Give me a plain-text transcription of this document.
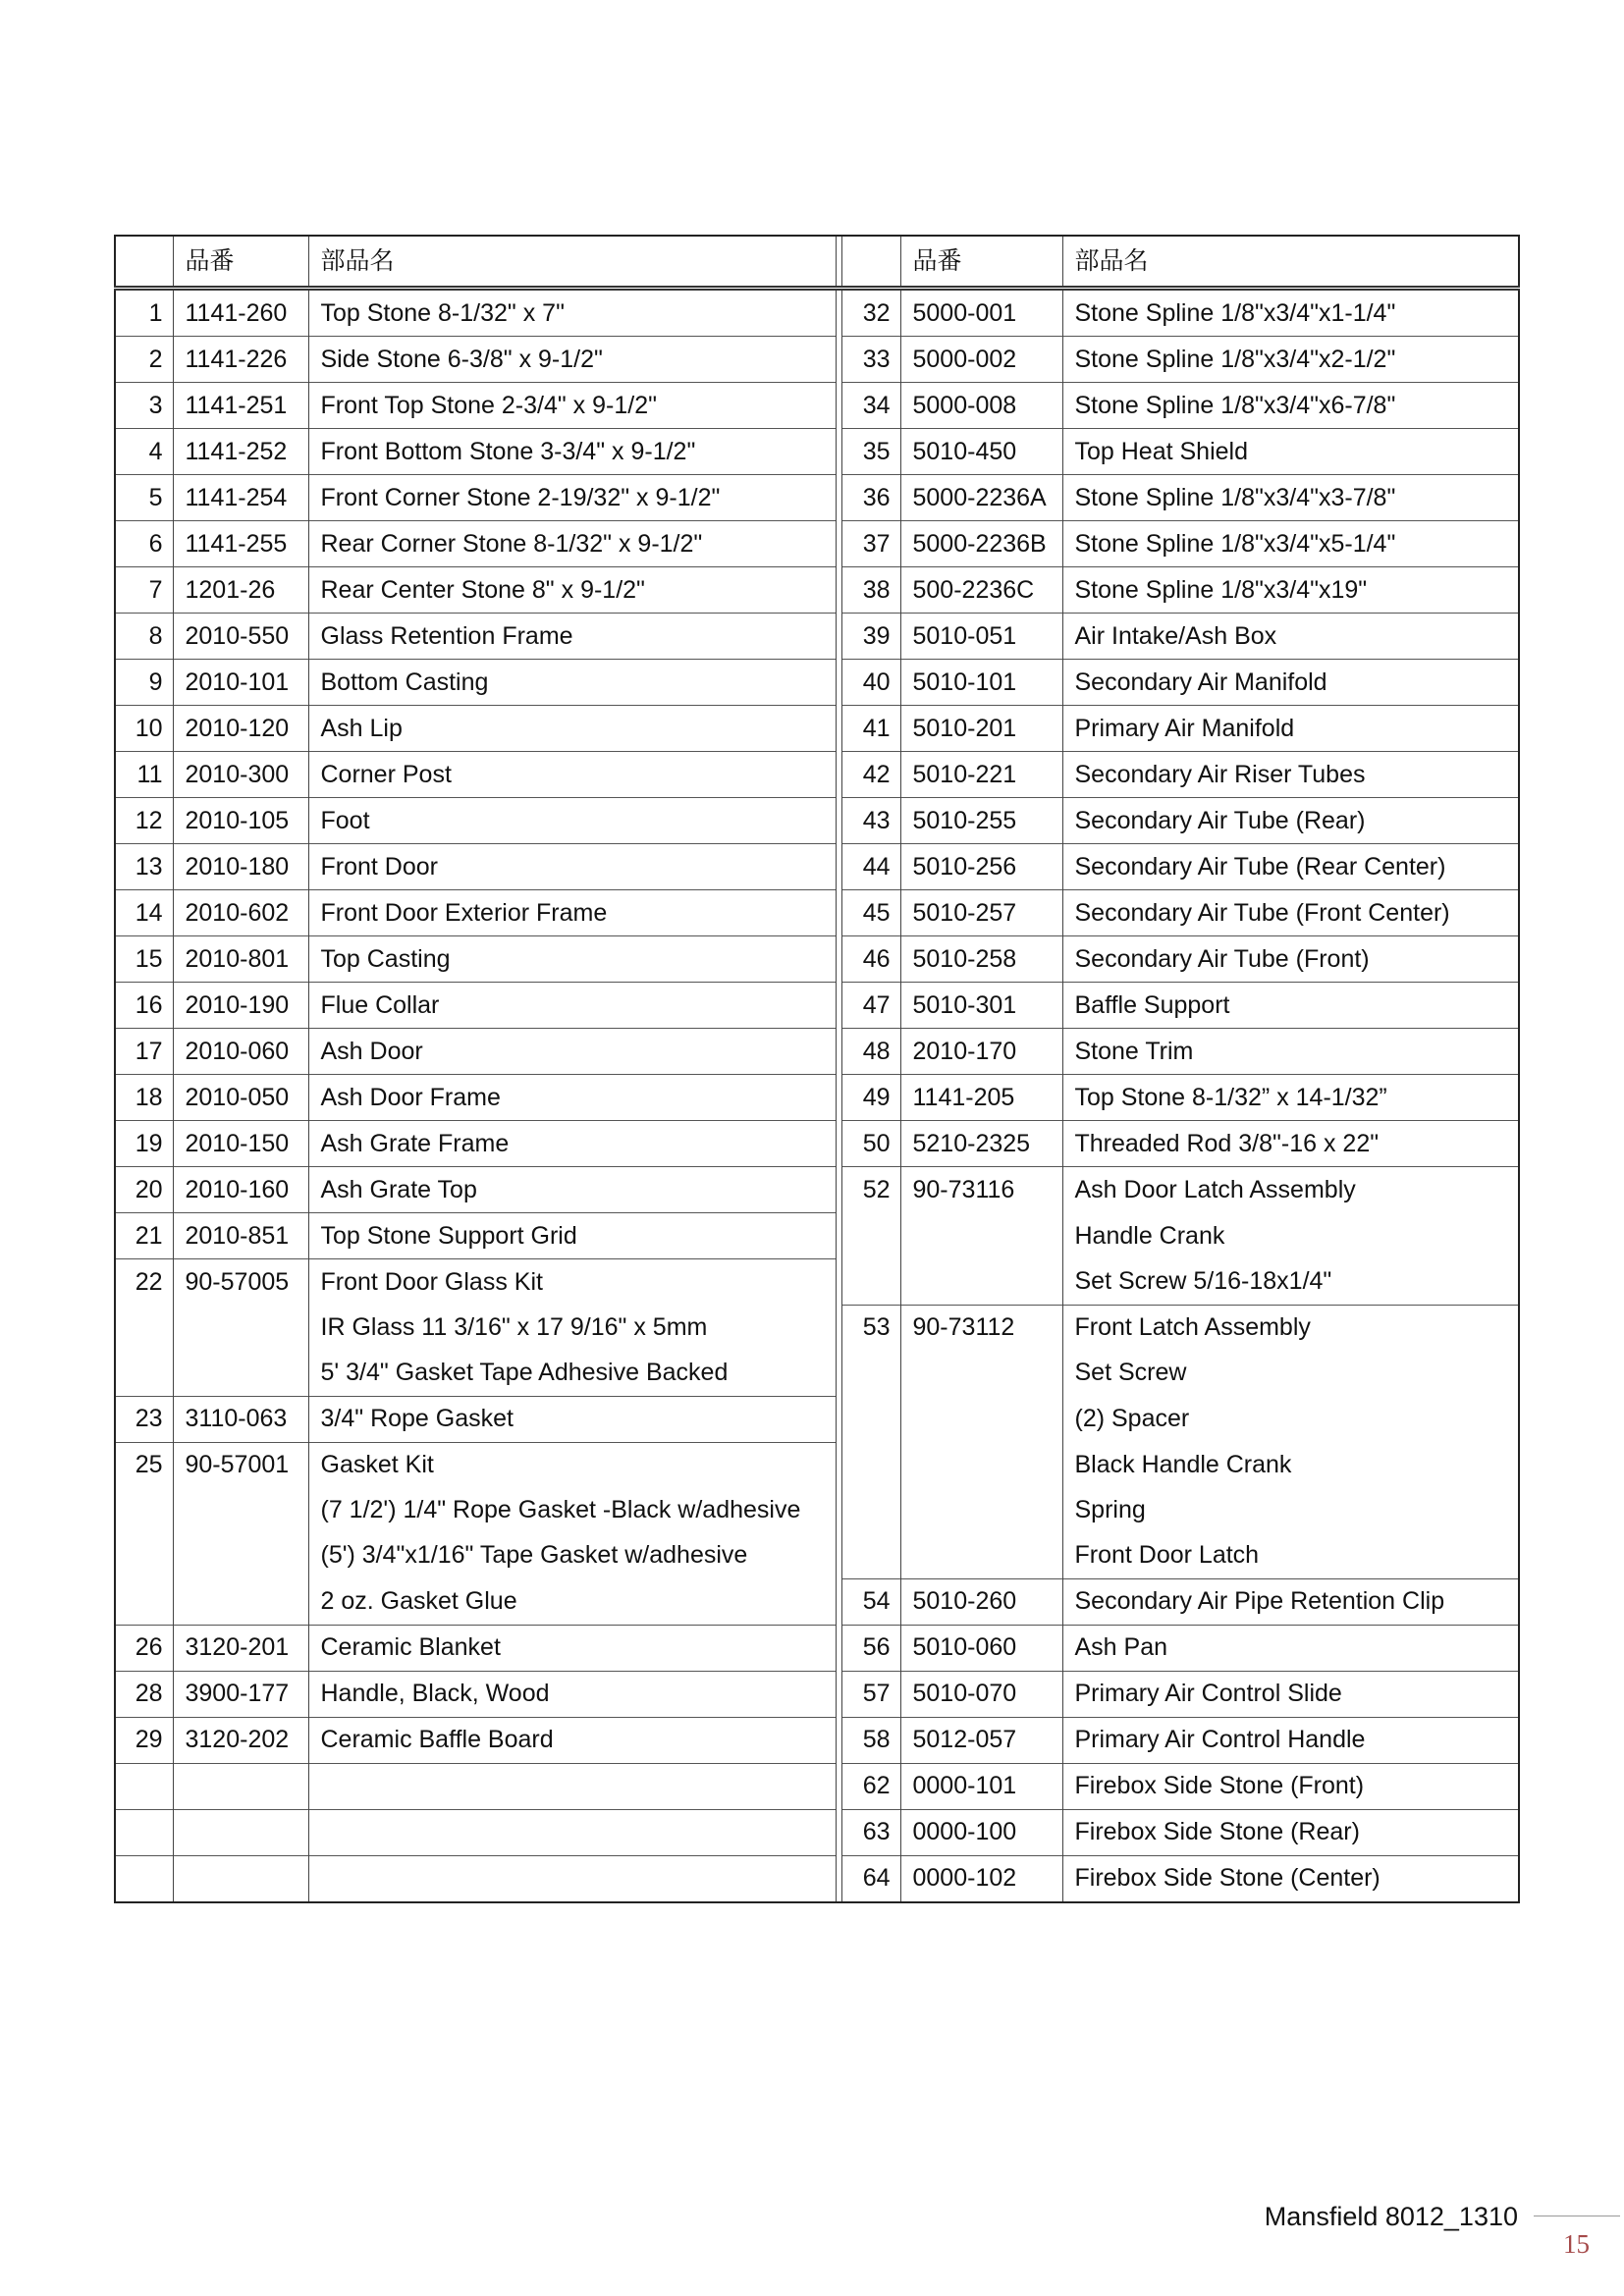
	品番	部品名			品番	部品名
1	1141-260	Top Stone 8-1/32" x 7"		32	5000-001	Stone Spline 1/8"x3/4"x1-1/4"
2	1141-226	Side Stone 6-3/8" x 9-1/2"		33	5000-002	Stone Spline 1/8"x3/4"x2-1/2"
3	1141-251	Front Top Stone 2-3/4" x 9-1/2"		34	5000-008	Stone Spline 1/8"x3/4"x6-7/8"
4	1141-252	Front Bottom Stone 3-3/4" x 9-1/2"		35	5010-450	Top Heat Shield
5	1141-254	Front Corner Stone 2-19/32" x 9-1/2"		36	5000-2236A	Stone Spline 1/8"x3/4"x3-7/8"
6	1141-255	Rear Corner Stone 8-1/32" x 9-1/2"		37	5000-2236B	Stone Spline 1/8"x3/4"x5-1/4"
7	1201-26	Rear Center Stone 8" x 9-1/2"		38	500-2236C	Stone Spline 1/8"x3/4"x19"
8	2010-550	Glass Retention Frame		39	5010-051	Air Intake/Ash Box
9	2010-101	Bottom Casting		40	5010-101	Secondary Air Manifold
10	2010-120	Ash Lip		41	5010-201	Primary Air Manifold
11	2010-300	Corner Post		42	5010-221	Secondary Air Riser Tubes
12	2010-105	Foot		43	5010-255	Secondary Air Tube (Rear)
13	2010-180	Front Door		44	5010-256	Secondary Air Tube (Rear Center)
14	2010-602	Front Door Exterior Frame		45	5010-257	Secondary Air Tube (Front Center)
15	2010-801	Top Casting		46	5010-258	Secondary Air Tube (Front)
16	2010-190	Flue Collar		47	5010-301	Baffle Support
17	2010-060	Ash Door		48	2010-170	Stone Trim
18	2010-050	Ash Door Frame		49	1141-205	Top Stone 8-1/32” x 14-1/32”
19	2010-150	Ash Grate Frame		50	5210-2325	Threaded Rod 3/8"-16 x 22"
20	2010-160	Ash Grate Top		52	90-73116	Ash Door Latch Assembly
21	2010-851	Top Stone Support Grid				Handle Crank
22	90-57005	Front Door Glass Kit				Set Screw 5/16-18x1/4"
		IR Glass 11 3/16" x 17 9/16" x 5mm		53	90-73112	Front Latch Assembly
		5' 3/4" Gasket Tape Adhesive Backed				Set Screw
23	3110-063	3/4" Rope Gasket				(2) Spacer
25	90-57001	Gasket Kit				Black Handle Crank
		(7 1/2') 1/4" Rope Gasket -Black w/adhesive				Spring
		(5') 3/4"x1/16" Tape Gasket w/adhesive				Front Door Latch
		2 oz. Gasket Glue		54	5010-260	Secondary Air Pipe Retention Clip
26	3120-201	Ceramic Blanket		56	5010-060	Ash Pan
28	3900-177	Handle, Black, Wood		57	5010-070	Primary Air Control Slide
29	3120-202	Ceramic Baffle Board		58	5012-057	Primary Air Control Handle
				62	0000-101	Firebox Side Stone (Front)
				63	0000-100	Firebox Side Stone (Rear)
				64	0000-102	Firebox Side Stone (Center)
Mansfield 8012_1310
15
